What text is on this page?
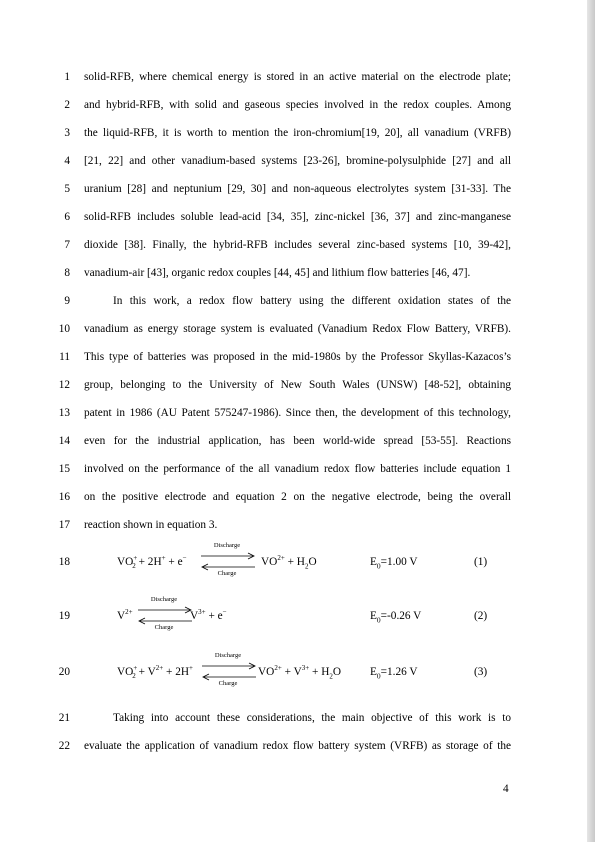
1 solid-RFB, where chemical energy is stored in an active material on the electrode plate;
2 and hybrid-RFB, with solid and gaseous species involved in the redox couples. Among
3 the liquid-RFB, it is worth to mention the iron-chromium[19, 20], all vanadium (VRFB)
4 [21, 22] and other vanadium-based systems [23-26], bromine-polysulphide [27] and all
5 uranium [28] and neptunium [29, 30] and non-aqueous electrolytes system [31-33]. The
6 solid-RFB includes soluble lead-acid [34, 35], zinc-nickel [36, 37] and zinc-manganese
7 dioxide [38]. Finally, the hybrid-RFB includes several zinc-based systems [10, 39-42],
8 vanadium-air [43], organic redox couples [44, 45] and lithium flow batteries [46, 47].
9	In this work, a redox flow battery using the different oxidation states of the
10 vanadium as energy storage system is evaluated (Vanadium Redox Flow Battery, VRFB).
11 This type of batteries was proposed in the mid-1980s by the Professor Skyllas-Kazacos’s
12 group, belonging to the University of New South Wales (UNSW) [48-52], obtaining
13 patent in 1986 (AU Patent 575247-1986). Since then, the development of this technology,
14 even for the industrial application, has been world-wide spread [53-55]. Reactions
15 involved on the performance of the all vanadium redox flow batteries include equation 1
16 on the positive electrode and equation 2 on the negative electrode, being the overall
17 reaction shown in equation 3.
18	$VO^+_2 + 2H^+ + e^-$
Discharge
Charge
$VO^{2+} + H_2O$	$E_0=1.00$ V	(1)
19	$V^{2+}$
Discharge
Charge
$V^{3+} + e^-$	$E_0=-0.26$ V	(2)
20	$VO^+_2 + V^{2+} + 2H^+$
Discharge
Charge
$VO^{2+} + V^{3+} + H_2O$	$E_0=1.26$ V	(3)
21	Taking into account these considerations, the main objective of this work is to
22 evaluate the application of vanadium redox flow battery system (VRFB) as storage of the
4
